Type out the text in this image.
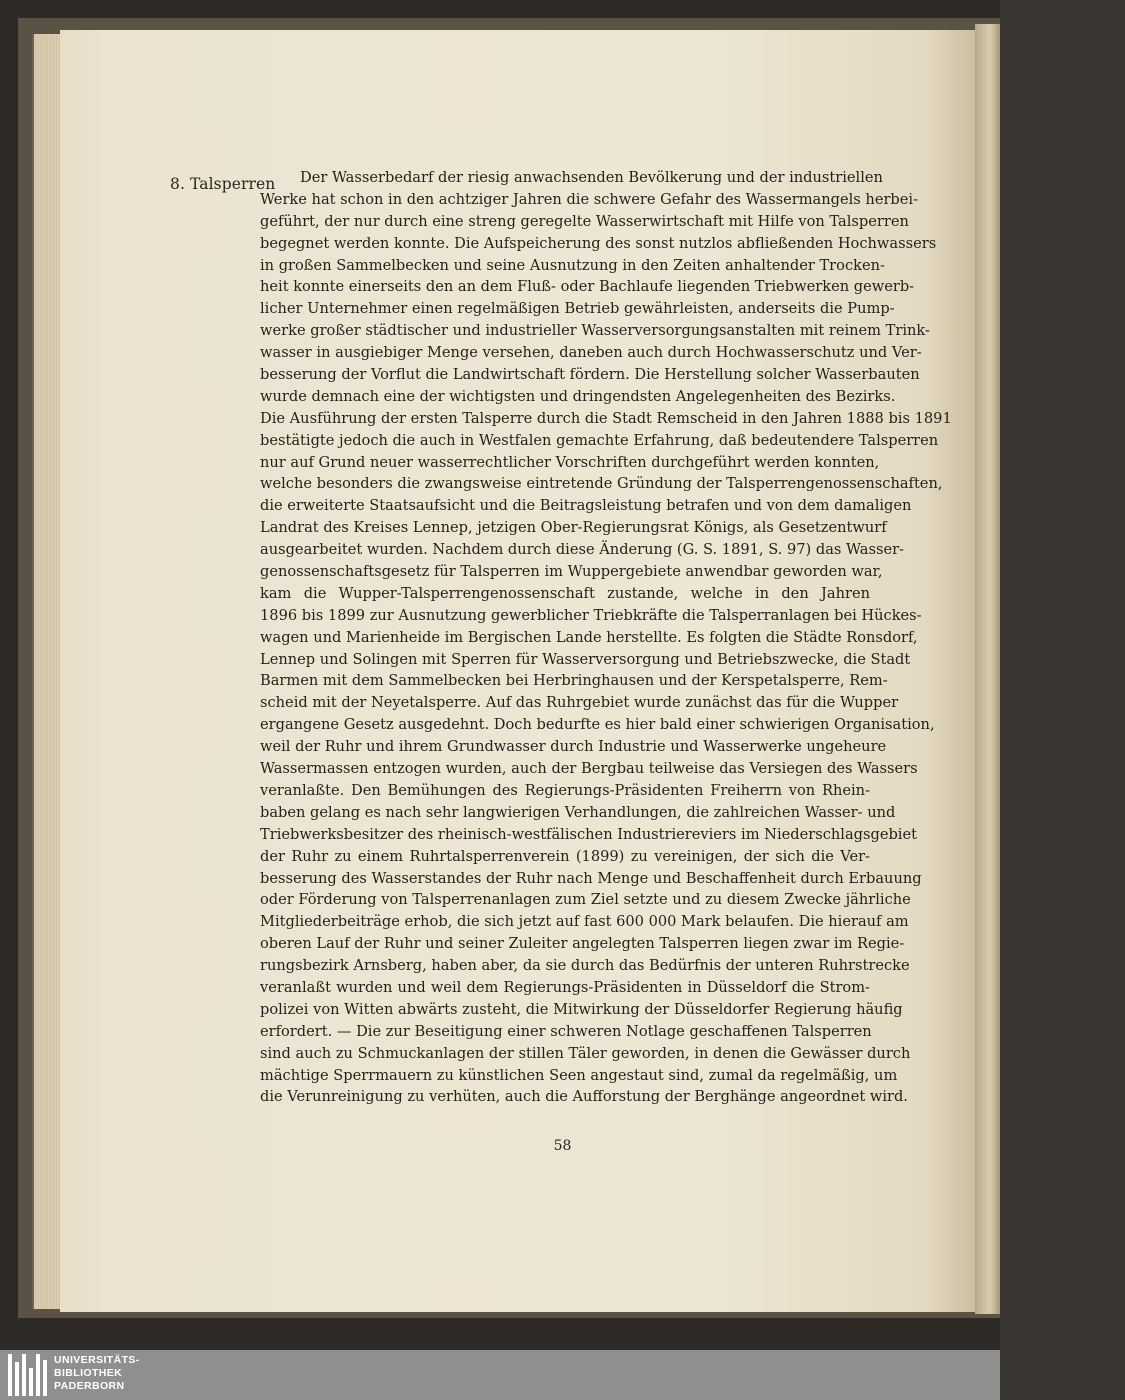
8. Talsperren	Der Wasserbedarf der riesig anwachsenden Bevölkerung und der industriellen
Werke hat schon in den achtziger Jahren die schwere Gefahr des Wassermangels herbei-
geführt, der nur durch eine streng geregelte Wasserwirtschaft mit Hilfe von Talsperren
begegnet werden konnte. Die Aufspeicherung des sonst nutzlos abfließenden Hochwassers
in großen Sammelbecken und seine Ausnutzung in den Zeiten anhaltender Trocken-
heit konnte einerseits den an dem Fluß- oder Bachlaufe liegenden Triebwerken gewerb-
licher Unternehmer einen regelmäßigen Betrieb gewährleisten, anderseits die Pump-
werke großer städtischer und industrieller Wasserversorgungsanstalten mit reinem Trink-
wasser in ausgiebiger Menge versehen, daneben auch durch Hochwasserschutz und Ver-
besserung der Vorflut die Landwirtschaft fördern. Die Herstellung solcher Wasserbauten
wurde demnach eine der wichtigsten und dringendsten Angelegenheiten des Bezirks.
Die Ausführung der ersten Talsperre durch die Stadt Remscheid in den Jahren 1888 bis 1891
bestätigte jedoch die auch in Westfalen gemachte Erfahrung, daß bedeutendere Talsperren
nur auf Grund neuer wasserrechtlicher Vorschriften durchgeführt werden konnten,
welche besonders die zwangsweise eintretende Gründung der Talsperrengenossenschaften,
die erweiterte Staatsaufsicht und die Beitragsleistung betrafen und von dem damaligen
Landrat des Kreises Lennep, jetzigen Ober-Regierungsrat Königs, als Gesetzentwurf
ausgearbeitet wurden. Nachdem durch diese Änderung (G. S. 1891, S. 97) das Wasser-
genossenschaftsgesetz für Talsperren im Wuppergebiete anwendbar geworden war,
kam die Wupper-Talsperrengenossenschaft zustande, welche in den Jahren
1896 bis 1899 zur Ausnutzung gewerblicher Triebkräfte die Talsperranlagen bei Hückes-
wagen und Marienheide im Bergischen Lande herstellte. Es folgten die Städte Ronsdorf,
Lennep und Solingen mit Sperren für Wasserversorgung und Betriebszwecke, die Stadt
Barmen mit dem Sammelbecken bei Herbringhausen und der Kerspetalsperre, Rem-
scheid mit der Neyetalsperre. Auf das Ruhrgebiet wurde zunächst das für die Wupper
ergangene Gesetz ausgedehnt. Doch bedurfte es hier bald einer schwierigen Organisation,
weil der Ruhr und ihrem Grundwasser durch Industrie und Wasserwerke ungeheure
Wassermassen entzogen wurden, auch der Bergbau teilweise das Versiegen des Wassers
veranlaßte. Den Bemühungen des Regierungs-Präsidenten Freiherrn von Rhein-
baben gelang es nach sehr langwierigen Verhandlungen, die zahlreichen Wasser- und
Triebwerksbesitzer des rheinisch-westfälischen Industriereviers im Niederschlagsgebiet
der Ruhr zu einem Ruhrtalsperrenverein (1899) zu vereinigen, der sich die Ver-
besserung des Wasserstandes der Ruhr nach Menge und Beschaffenheit durch Erbauung
oder Förderung von Talsperrenanlagen zum Ziel setzte und zu diesem Zwecke jährliche
Mitgliederbeiträge erhob, die sich jetzt auf fast 600 000 Mark belaufen. Die hierauf am
oberen Lauf der Ruhr und seiner Zuleiter angelegten Talsperren liegen zwar im Regie-
rungsbezirk Arnsberg, haben aber, da sie durch das Bedürfnis der unteren Ruhrstrecke
veranlaßt wurden und weil dem Regierungs-Präsidenten in Düsseldorf die Strom-
polizei von Witten abwärts zusteht, die Mitwirkung der Düsseldorfer Regierung häufig
erfordert. — Die zur Beseitigung einer schweren Notlage geschaffenen Talsperren
sind auch zu Schmuckanlagen der stillen Täler geworden, in denen die Gewässer durch
mächtige Sperrmauern zu künstlichen Seen angestaut sind, zumal da regelmäßig, um
die Verunreinigung zu verhüten, auch die Aufforstung der Berghänge angeordnet wird.
58
UNIVERSITÄTS-
BIBLIOTHEK
PADERBORN
